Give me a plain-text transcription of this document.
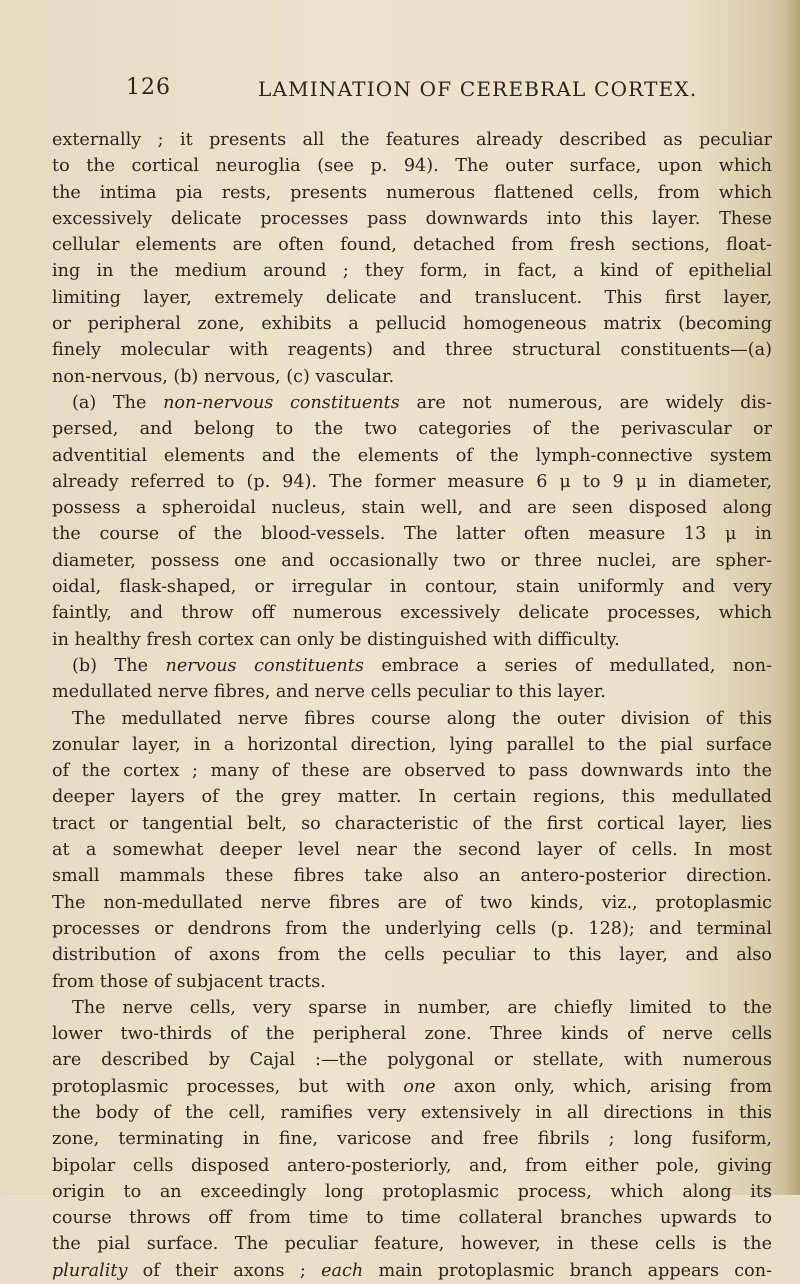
126	LAMINATION OF CEREBRAL CORTEX.
externally ; it presents all the features already described as peculiar
to the cortical neuroglia (see p. 94). The outer surface, upon which
the intima pia rests, presents numerous flattened cells, from which
excessively delicate processes pass downwards into this layer. These
cellular elements are often found, detached from fresh sections, float-
ing in the medium around ; they form, in fact, a kind of epithelial
limiting layer, extremely delicate and translucent. This first layer,
or peripheral zone, exhibits a pellucid homogeneous matrix (becoming
finely molecular with reagents) and three structural constituents—(a)
non-nervous, (b) nervous, (c) vascular.
(a) The non-nervous constituents are not numerous, are widely dis-
persed, and belong to the two categories of the perivascular or
adventitial elements and the elements of the lymph-connective system
already referred to (p. 94). The former measure 6 μ to 9 μ in diameter,
possess a spheroidal nucleus, stain well, and are seen disposed along
the course of the blood-vessels. The latter often measure 13 μ in
diameter, possess one and occasionally two or three nuclei, are spher-
oidal, flask-shaped, or irregular in contour, stain uniformly and very
faintly, and throw off numerous excessively delicate processes, which
in healthy fresh cortex can only be distinguished with difficulty.
(b) The nervous constituents embrace a series of medullated, non-
medullated nerve fibres, and nerve cells peculiar to this layer.
The medullated nerve fibres course along the outer division of this
zonular layer, in a horizontal direction, lying parallel to the pial surface
of the cortex ; many of these are observed to pass downwards into the
deeper layers of the grey matter. In certain regions, this medullated
tract or tangential belt, so characteristic of the first cortical layer, lies
at a somewhat deeper level near the second layer of cells. In most
small mammals these fibres take also an antero-posterior direction.
The non-medullated nerve fibres are of two kinds, viz., protoplasmic
processes or dendrons from the underlying cells (p. 128); and terminal
distribution of axons from the cells peculiar to this layer, and also
from those of subjacent tracts.
The nerve cells, very sparse in number, are chiefly limited to the
lower two-thirds of the peripheral zone. Three kinds of nerve cells
are described by Cajal :—the polygonal or stellate, with numerous
protoplasmic processes, but with one axon only, which, arising from
the body of the cell, ramifies very extensively in all directions in this
zone, terminating in fine, varicose and free fibrils ; long fusiform,
bipolar cells disposed antero-posteriorly, and, from either pole, giving
origin to an exceedingly long protoplasmic process, which along its
course throws off from time to time collateral branches upwards to
the pial surface. The peculiar feature, however, in these cells is the
plurality of their axons ; each main protoplasmic branch appears con-
